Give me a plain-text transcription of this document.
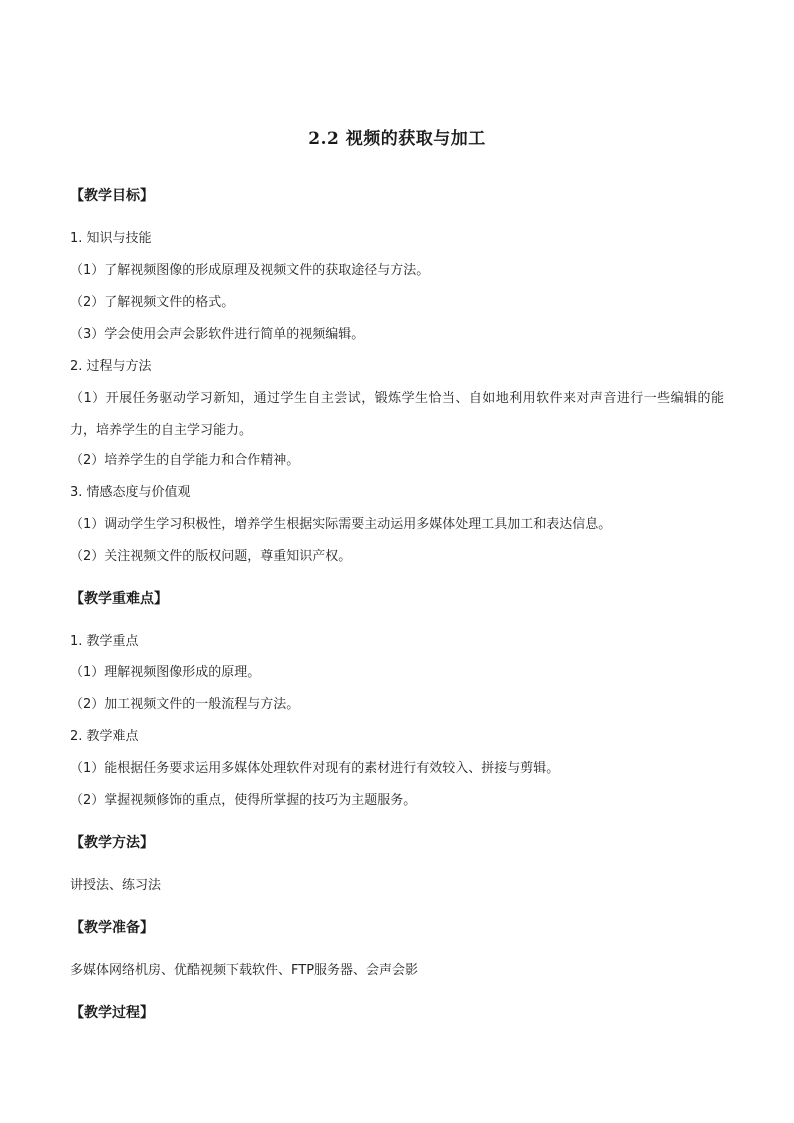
2.2 视频的获取与加工

【教学目标】

1. 知识与技能

（1）了解视频图像的形成原理及视频文件的获取途径与方法。

（2）了解视频文件的格式。

（3）学会使用会声会影软件进行简单的视频编辑。

2. 过程与方法

（1）开展任务驱动学习新知，通过学生自主尝试，锻炼学生恰当、自如地利用软件来对声音进行一些编辑的能力，培养学生的自主学习能力。

（2）培养学生的自学能力和合作精神。

3. 情感态度与价值观

（1）调动学生学习积极性，增养学生根据实际需要主动运用多媒体处理工具加工和表达信息。

（2）关注视频文件的版权问题，尊重知识产权。

【教学重难点】

1. 教学重点

（1）理解视频图像形成的原理。

（2）加工视频文件的一般流程与方法。

2. 教学难点

（1）能根据任务要求运用多媒体处理软件对现有的素材进行有效较入、拼接与剪辑。

（2）掌握视频修饰的重点，使得所掌握的技巧为主题服务。

【教学方法】

讲授法、练习法

【教学准备】

多媒体网络机房、优酷视频下载软件、FTP服务器、会声会影

【教学过程】
